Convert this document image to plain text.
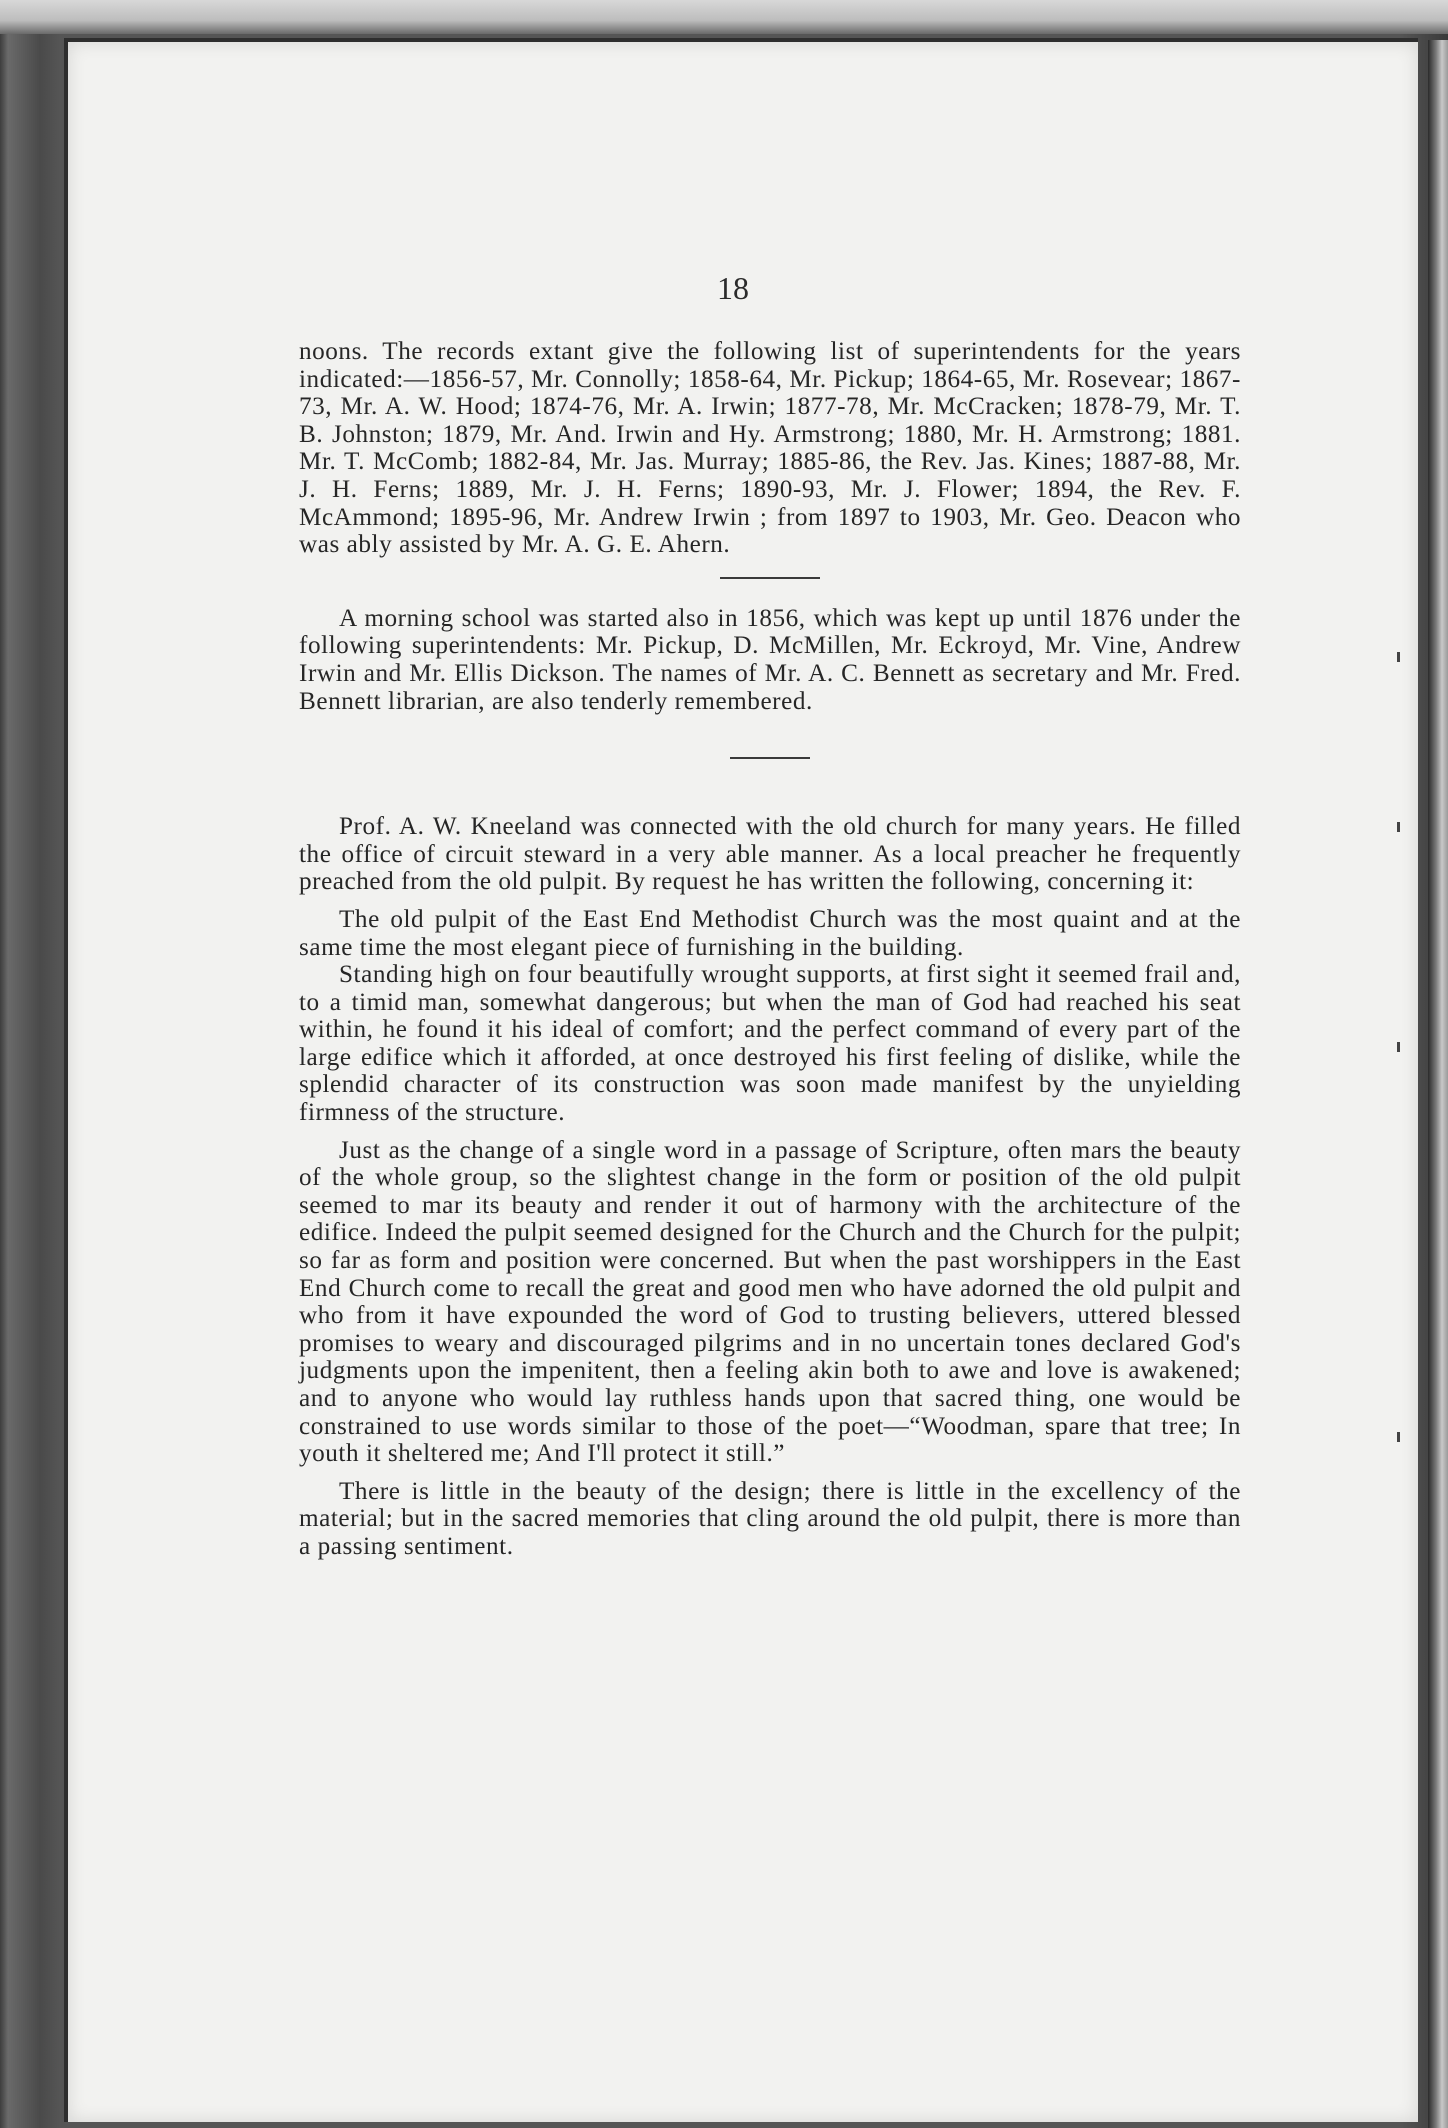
18

noons. The records extant give the following list of superintendents for the years indicated:—1856-57, Mr. Connolly; 1858-64, Mr. Pickup; 1864-65, Mr. Rosevear; 1867-73, Mr. A. W. Hood; 1874-76, Mr. A. Irwin; 1877-78, Mr. McCracken; 1878-79, Mr. T. B. Johnston; 1879, Mr. And. Irwin and Hy. Armstrong; 1880, Mr. H. Armstrong; 1881. Mr. T. McComb; 1882-84, Mr. Jas. Murray; 1885-86, the Rev. Jas. Kines; 1887-88, Mr. J. H. Ferns; 1889, Mr. J. H. Ferns; 1890-93, Mr. J. Flower; 1894, the Rev. F. McAmmond; 1895-96, Mr. Andrew Irwin ; from 1897 to 1903, Mr. Geo. Deacon who was ably assisted by Mr. A. G. E. Ahern.

A morning school was started also in 1856, which was kept up until 1876 under the following superintendents: Mr. Pickup, D. McMillen, Mr. Eckroyd, Mr. Vine, Andrew Irwin and Mr. Ellis Dickson. The names of Mr. A. C. Bennett as secretary and Mr. Fred. Bennett librarian, are also tenderly remembered.

Prof. A. W. Kneeland was connected with the old church for many years. He filled the office of circuit steward in a very able manner. As a local preacher he frequently preached from the old pulpit. By request he has written the following, concerning it:

The old pulpit of the East End Methodist Church was the most quaint and at the same time the most elegant piece of furnishing in the building.

Standing high on four beautifully wrought supports, at first sight it seemed frail and, to a timid man, somewhat dangerous; but when the man of God had reached his seat within, he found it his ideal of comfort; and the perfect command of every part of the large edifice which it afforded, at once destroyed his first feeling of dislike, while the splendid character of its construction was soon made manifest by the unyielding firmness of the structure.

Just as the change of a single word in a passage of Scripture, often mars the beauty of the whole group, so the slightest change in the form or position of the old pulpit seemed to mar its beauty and render it out of harmony with the architecture of the edifice. Indeed the pulpit seemed designed for the Church and the Church for the pulpit; so far as form and position were concerned. But when the past worshippers in the East End Church come to recall the great and good men who have adorned the old pulpit and who from it have expounded the word of God to trusting believers, uttered blessed promises to weary and discouraged pilgrims and in no uncertain tones declared God's judgments upon the impenitent, then a feeling akin both to awe and love is awakened; and to anyone who would lay ruthless hands upon that sacred thing, one would be constrained to use words similar to those of the poet—“Woodman, spare that tree; In youth it sheltered me; And I'll protect it still.”

There is little in the beauty of the design; there is little in the excellency of the material; but in the sacred memories that cling around the old pulpit, there is more than a passing sentiment.
